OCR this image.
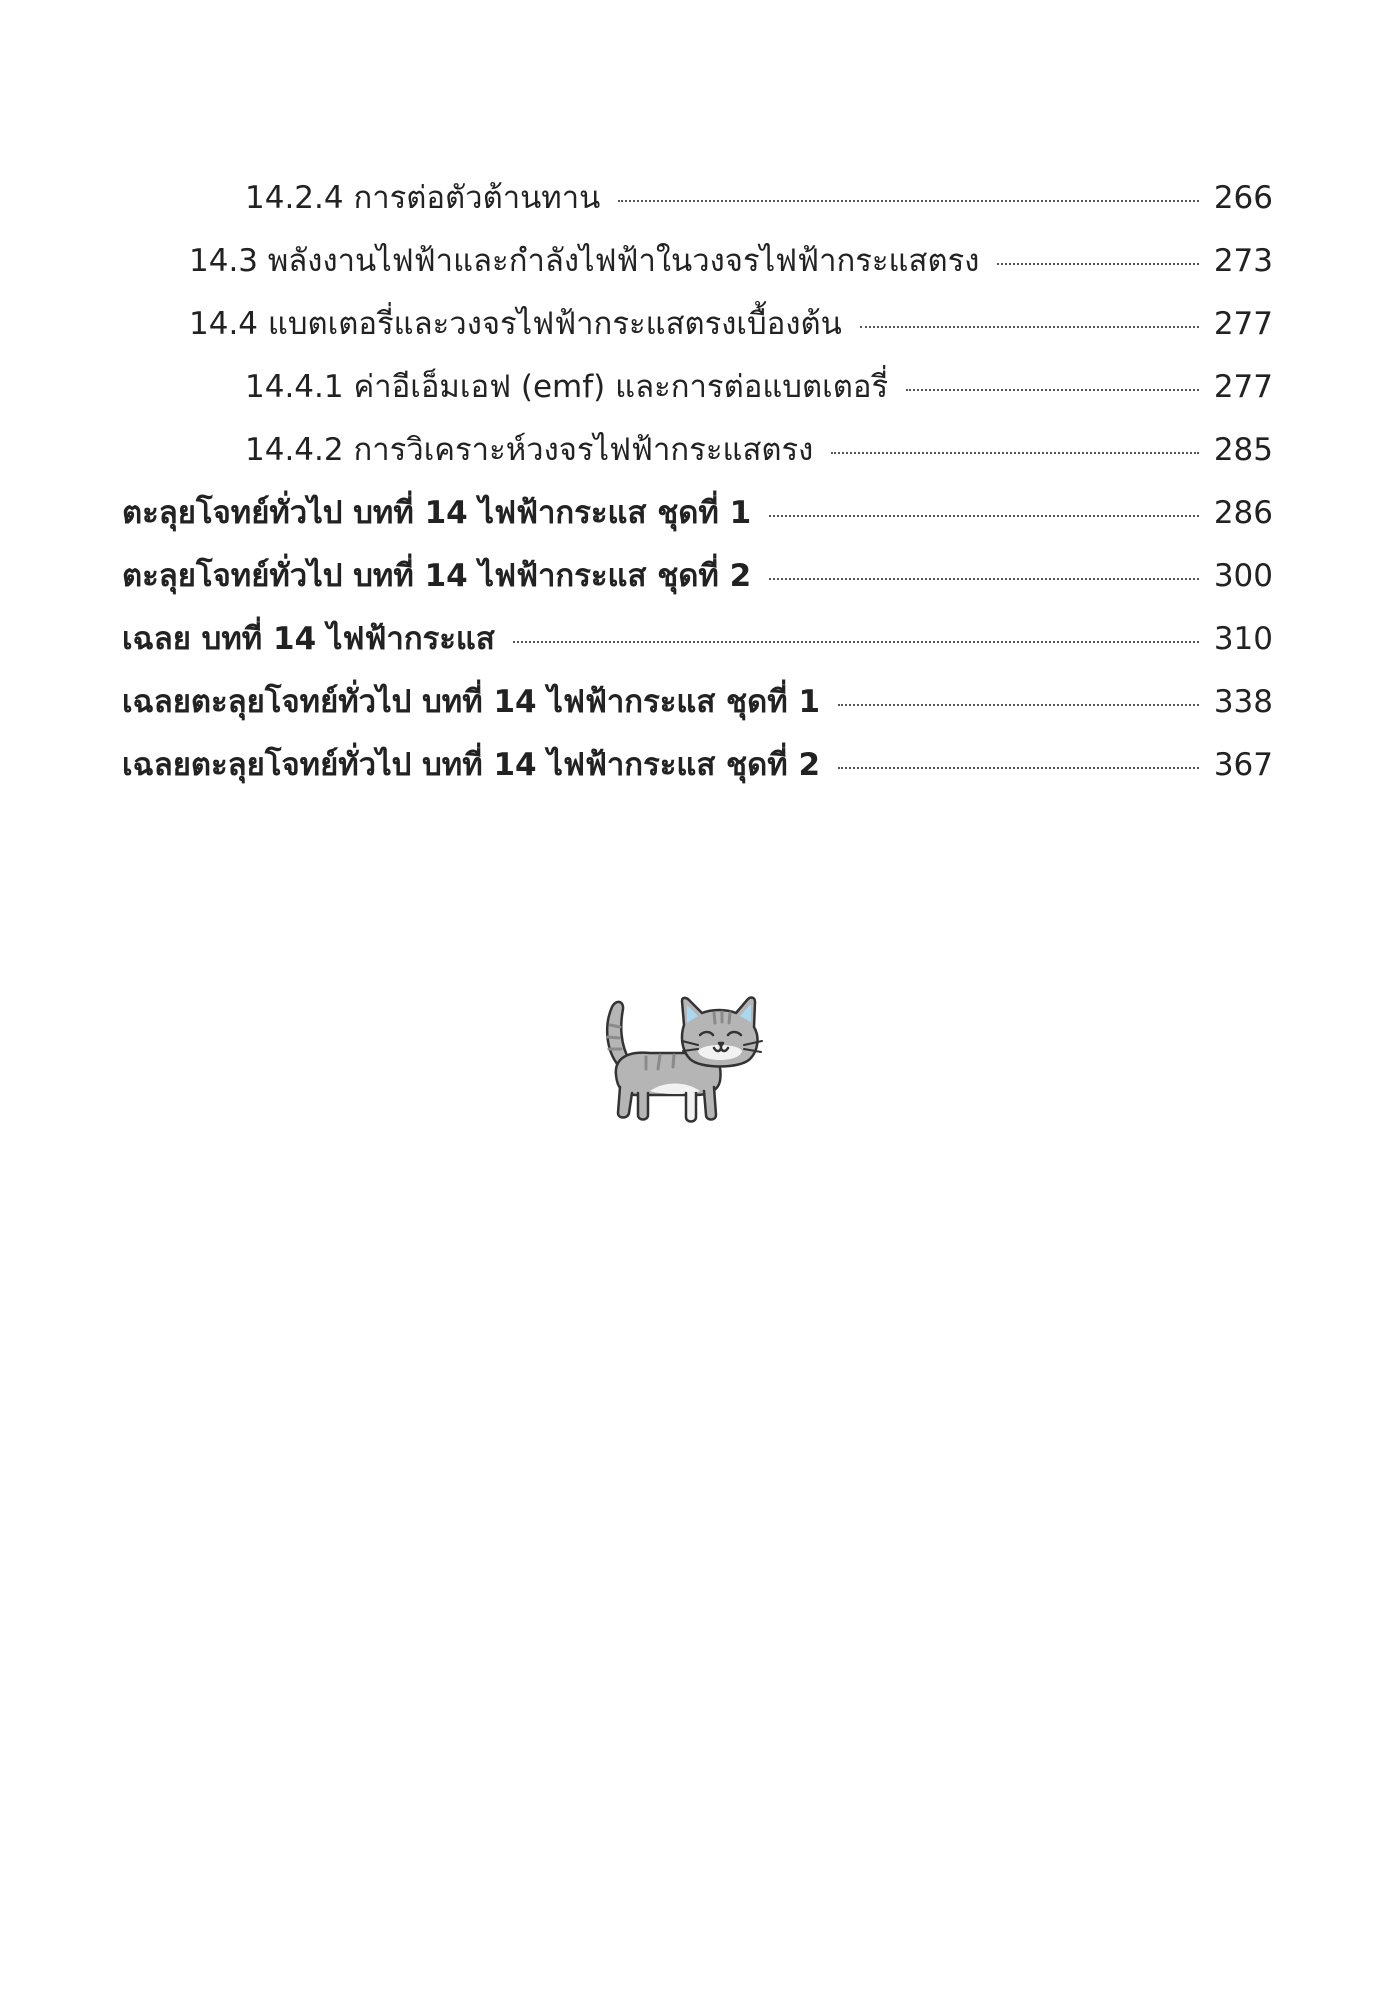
14.2.4 การต่อตัวต้านทาน	266
14.3 พลังงานไฟฟ้าและกำลังไฟฟ้าในวงจรไฟฟ้ากระแสตรง	273
14.4 แบตเตอรี่และวงจรไฟฟ้ากระแสตรงเบื้องต้น	277
14.4.1 ค่าอีเอ็มเอฟ (emf) และการต่อแบตเตอรี่	277
14.4.2 การวิเคราะห์วงจรไฟฟ้ากระแสตรง	285
ตะลุยโจทย์ทั่วไป บทที่ 14 ไฟฟ้ากระแส ชุดที่ 1	286
ตะลุยโจทย์ทั่วไป บทที่ 14 ไฟฟ้ากระแส ชุดที่ 2	300
เฉลย บทที่ 14 ไฟฟ้ากระแส	310
เฉลยตะลุยโจทย์ทั่วไป บทที่ 14 ไฟฟ้ากระแส ชุดที่ 1	338
เฉลยตะลุยโจทย์ทั่วไป บทที่ 14 ไฟฟ้ากระแส ชุดที่ 2	367
